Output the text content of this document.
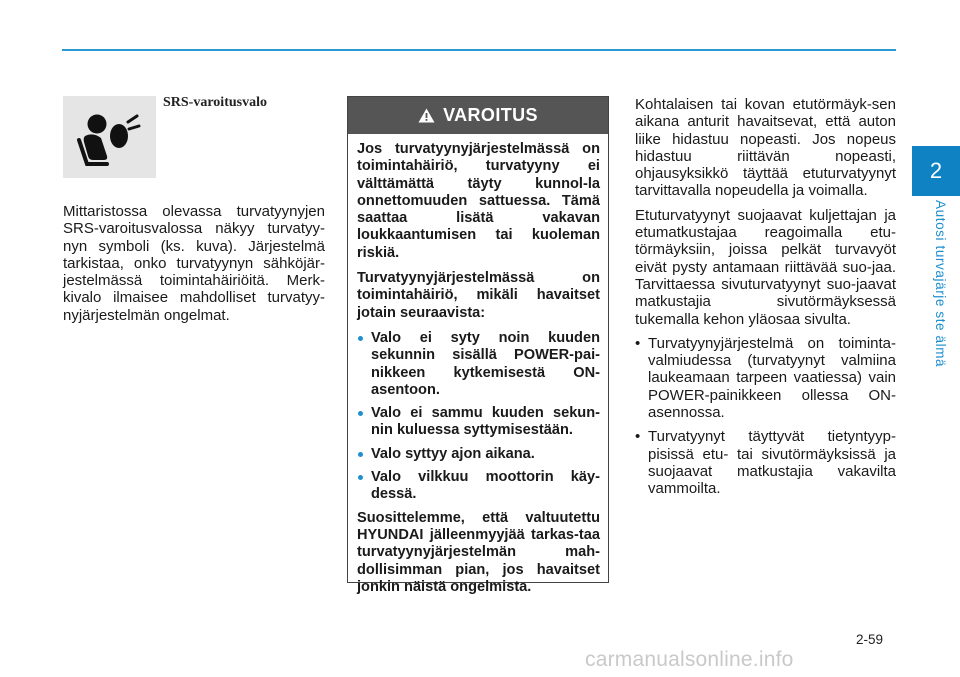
2
Autosi turvajärje ste älmä
SRS-varoitusvalo
Mittaristossa olevassa turvatyynyjen SRS-varoitusvalossa näkyy turvatyy-nyn symboli (ks. kuva). Järjestelmä tarkistaa, onko turvatyynyn sähköjär-jestelmässä toimintahäiriöitä. Merk-kivalo ilmaisee mahdolliset turvatyy-nyjärjestelmän ongelmat.
VAROITUS

Jos turvatyynyjärjestelmässä on toimintahäiriö, turvatyyny ei välttämättä täyty kunnol-la onnettomuuden sattuessa. Tämä saattaa lisätä vakavan loukkaantumisen tai kuoleman riskiä.

Turvatyynyjärjestelmässä on toimintahäiriö, mikäli havaitset jotain seuraavista:

Valo ei syty noin kuuden sekunnin sisällä POWER-pai-nikkeen kytkemisestä ON-asentoon.
Valo ei sammu kuuden sekun-nin kuluessa syttymisestään.
Valo syttyy ajon aikana.
Valo vilkkuu moottorin käy-dessä.

Suosittelemme, että valtuutettu HYUNDAI jälleenmyyjää tarkas-taa turvatyynyjärjestelmän mah-dollisimman pian, jos havaitset jonkin näistä ongelmista.

Kohtalaisen tai kovan etutörmäyk-sen aikana anturit havaitsevat, että auton liike hidastuu nopeasti. Jos nopeus hidastuu riittävän nopeasti, ohjausyksikkö täyttää etuturvatyynyt tarvittavalla nopeudella ja voimalla.

Etuturvatyynyt suojaavat kuljettajan ja etumatkustajaa reagoimalla etu-törmäyksiin, joissa pelkät turvavyöt eivät pysty antamaan riittävää suo-jaa. Tarvittaessa sivuturvatyynyt suo-jaavat matkustajia sivutörmäyksessä tukemalla kehon yläosaa sivulta.

• Turvatyynyjärjestelmä on toiminta-valmiudessa (turvatyynyt valmiina laukeamaan tarpeen vaatiessa) vain POWER-painikkeen ollessa ON-asennossa.
• Turvatyynyt täyttyvät tietyntyyp-pisissä etu- tai sivutörmäyksissä ja suojaavat matkustajia vakavilta vammoilta.
2-59
carmanualsonline.info
